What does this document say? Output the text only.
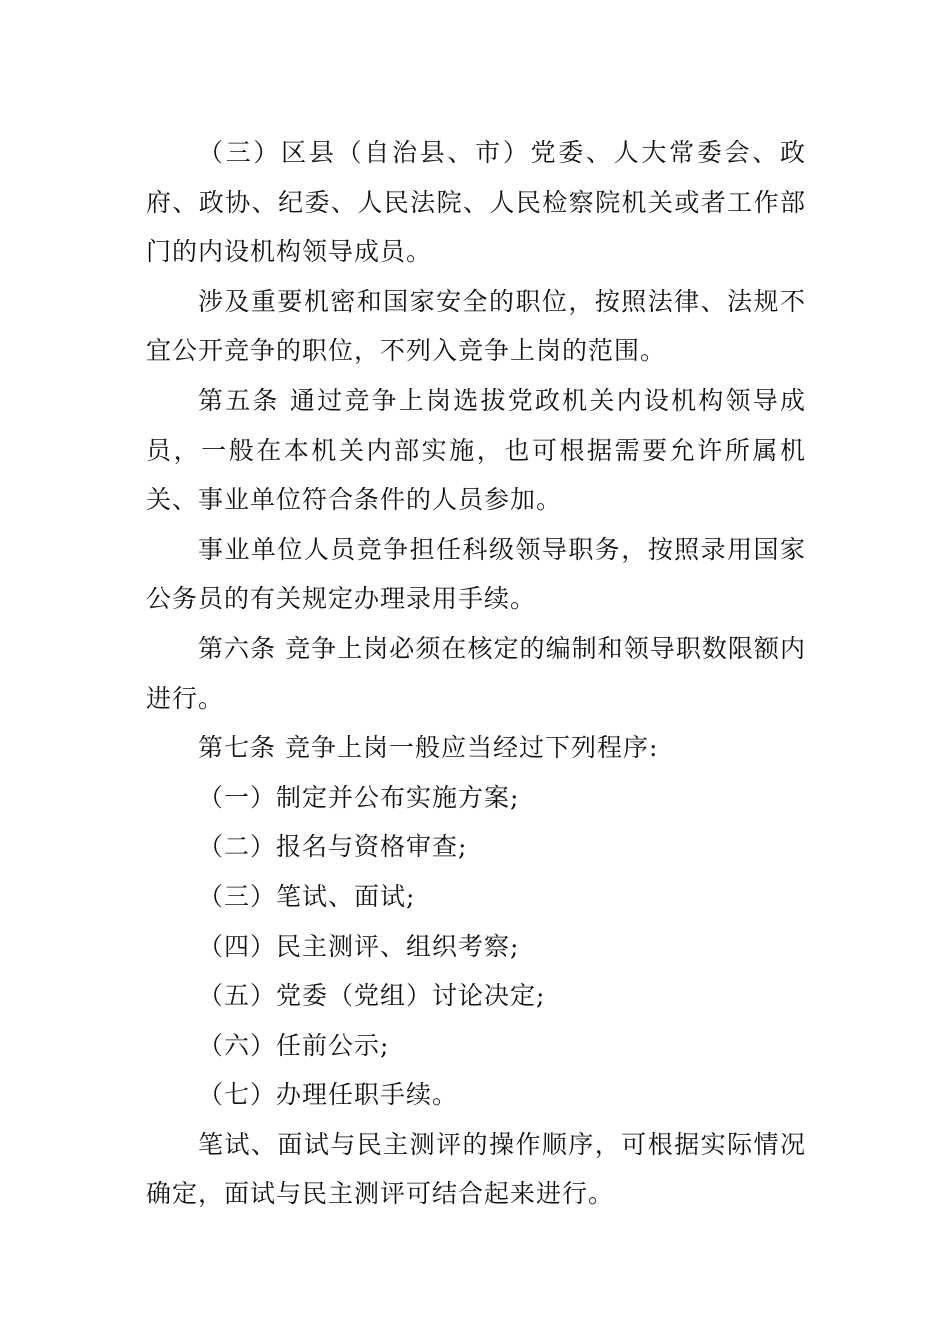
（三）区县（自治县、市）党委、人大常委会、政府、政协、纪委、人民法院、人民检察院机关或者工作部门的内设机构领导成员。

涉及重要机密和国家安全的职位，按照法律、法规不宜公开竞争的职位，不列入竞争上岗的范围。

第五条 通过竞争上岗选拔党政机关内设机构领导成员，一般在本机关内部实施，也可根据需要允许所属机关、事业单位符合条件的人员参加。

事业单位人员竞争担任科级领导职务，按照录用国家公务员的有关规定办理录用手续。

第六条 竞争上岗必须在核定的编制和领导职数限额内进行。

第七条 竞争上岗一般应当经过下列程序:

（一）制定并公布实施方案;

（二）报名与资格审查;

（三）笔试、面试;

（四）民主测评、组织考察;

（五）党委（党组）讨论决定;

（六）任前公示;

（七）办理任职手续。

笔试、面试与民主测评的操作顺序，可根据实际情况确定，面试与民主测评可结合起来进行。
